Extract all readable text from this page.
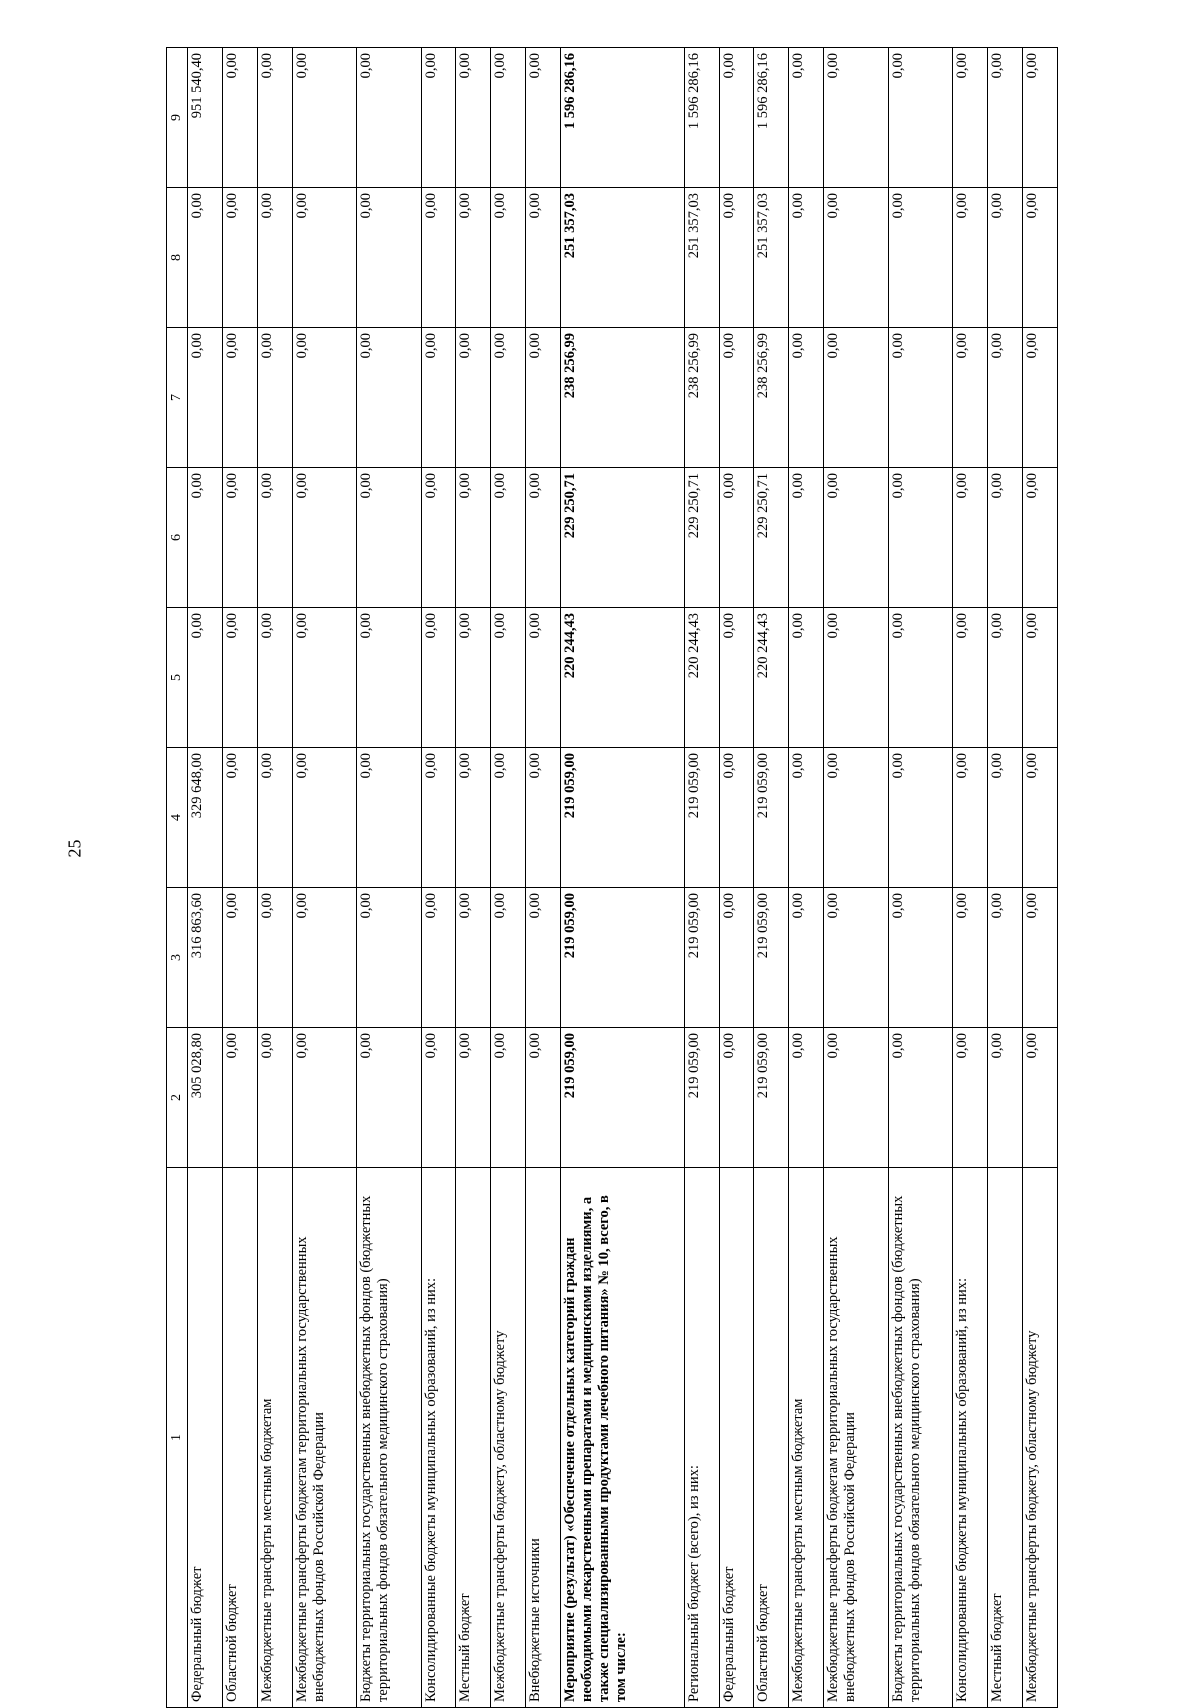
25
1	2	3	4	5	6	7	8	9
Федеральный бюджет	305 028,80	316 863,60	329 648,00	0,00	0,00	0,00	0,00	951 540,40
Областной бюджет	0,00	0,00	0,00	0,00	0,00	0,00	0,00	0,00
Межбюджетные трансферты местным бюджетам	0,00	0,00	0,00	0,00	0,00	0,00	0,00	0,00
Межбюджетные трансферты бюджетам территориальных государственных внебюджетных фондов Российской Федерации	0,00	0,00	0,00	0,00	0,00	0,00	0,00	0,00
Бюджеты территориальных государственных внебюджетных фондов (бюджетных территориальных фондов обязательного медицинского страхования)	0,00	0,00	0,00	0,00	0,00	0,00	0,00	0,00
Консолидированные бюджеты муниципальных образований, из них:	0,00	0,00	0,00	0,00	0,00	0,00	0,00	0,00
Местный бюджет	0,00	0,00	0,00	0,00	0,00	0,00	0,00	0,00
Межбюджетные трансферты бюджету, областному бюджету	0,00	0,00	0,00	0,00	0,00	0,00	0,00	0,00
Внебюджетные источники	0,00	0,00	0,00	0,00	0,00	0,00	0,00	0,00
Мероприятие (результат) «Обеспечение отдельных категорий граждан необходимыми лекарственными препаратами и медицинскими изделиями, а также специализированными продуктами лечебного питания» № 10, всего, в том числе:	219 059,00	219 059,00	219 059,00	220 244,43	229 250,71	238 256,99	251 357,03	1 596 286,16
Региональный бюджет (всего), из них:	219 059,00	219 059,00	219 059,00	220 244,43	229 250,71	238 256,99	251 357,03	1 596 286,16
Федеральный бюджет	0,00	0,00	0,00	0,00	0,00	0,00	0,00	0,00
Областной бюджет	219 059,00	219 059,00	219 059,00	220 244,43	229 250,71	238 256,99	251 357,03	1 596 286,16
Межбюджетные трансферты местным бюджетам	0,00	0,00	0,00	0,00	0,00	0,00	0,00	0,00
Межбюджетные трансферты бюджетам территориальных государственных внебюджетных фондов Российской Федерации	0,00	0,00	0,00	0,00	0,00	0,00	0,00	0,00
Бюджеты территориальных государственных внебюджетных фондов (бюджетных территориальных фондов обязательного медицинского страхования)	0,00	0,00	0,00	0,00	0,00	0,00	0,00	0,00
Консолидированные бюджеты муниципальных образований, из них:	0,00	0,00	0,00	0,00	0,00	0,00	0,00	0,00
Местный бюджет	0,00	0,00	0,00	0,00	0,00	0,00	0,00	0,00
Межбюджетные трансферты бюджету, областному бюджету	0,00	0,00	0,00	0,00	0,00	0,00	0,00	0,00
